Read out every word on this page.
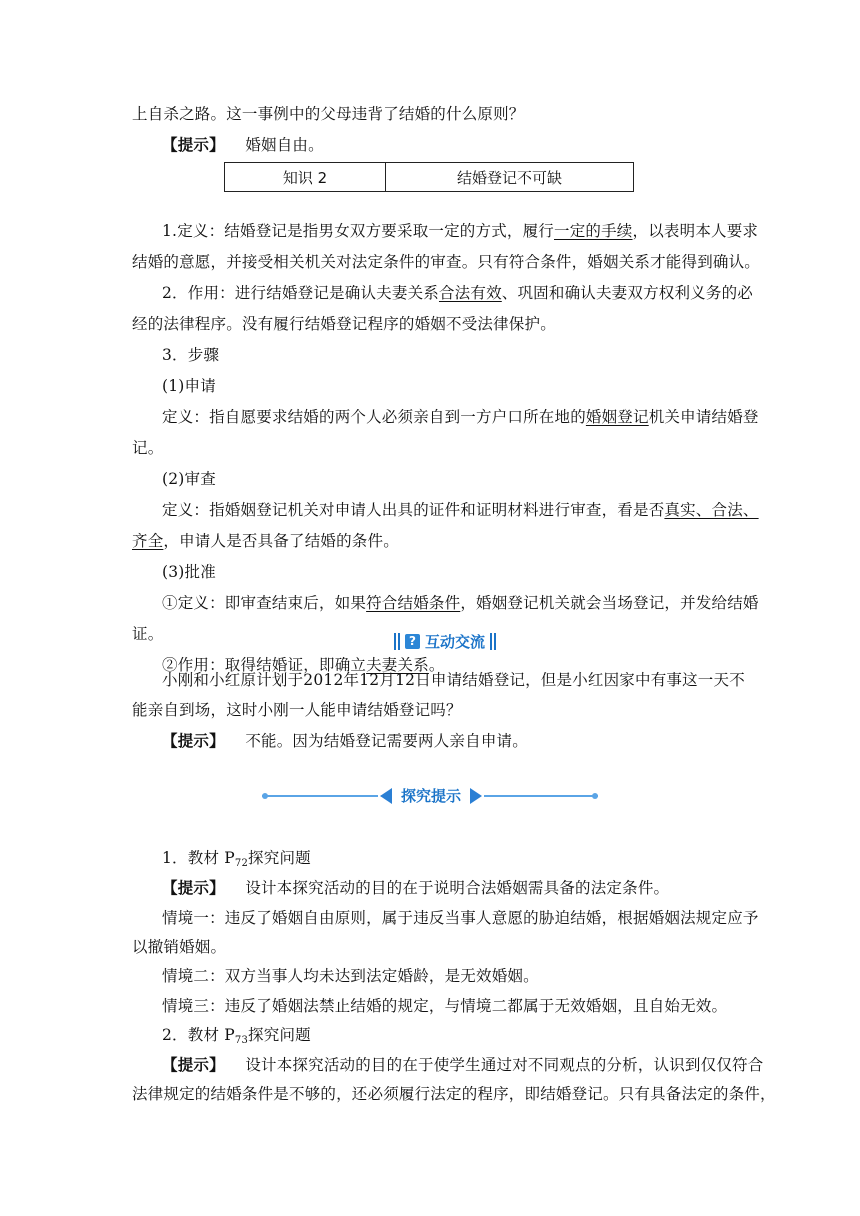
上自杀之路。这一事例中的父母违背了结婚的什么原则？
【提示】 婚姻自由。
知识 2	结婚登记不可缺
1.定义：结婚登记是指男女双方要采取一定的方式，履行一定的手续，以表明本人要求
结婚的意愿，并接受相关机关对法定条件的审查。只有符合条件，婚姻关系才能得到确认。
2．作用：进行结婚登记是确认夫妻关系合法有效、巩固和确认夫妻双方权利义务的必
经的法律程序。没有履行结婚登记程序的婚姻不受法律保护。
3．步骤
(1)申请
定义：指自愿要求结婚的两个人必须亲自到一方户口所在地的婚姻登记机关申请结婚登
记。
(2)审查
定义：指婚姻登记机关对申请人出具的证件和证明材料进行审查，看是否真实、合法、
齐全，申请人是否具备了结婚的条件。
(3)批准
①定义：即审查结束后，如果符合结婚条件，婚姻登记机关就会当场登记，并发给结婚
证。
②作用：取得结婚证，即确立夫妻关系。
? 互动交流
小刚和小红原计划于2012年12月12日申请结婚登记，但是小红因家中有事这一天不
能亲自到场，这时小刚一人能申请结婚登记吗？
【提示】 不能。因为结婚登记需要两人亲自申请。
探究提示
1．教材 $P_{72}$探究问题
【提示】 设计本探究活动的目的在于说明合法婚姻需具备的法定条件。
情境一：违反了婚姻自由原则，属于违反当事人意愿的胁迫结婚，根据婚姻法规定应予
以撤销婚姻。
情境二：双方当事人均未达到法定婚龄，是无效婚姻。
情境三：违反了婚姻法禁止结婚的规定，与情境二都属于无效婚姻，且自始无效。
2．教材 $P_{73}$探究问题
【提示】 设计本探究活动的目的在于使学生通过对不同观点的分析，认识到仅仅符合
法律规定的结婚条件是不够的，还必须履行法定的程序，即结婚登记。只有具备法定的条件，
